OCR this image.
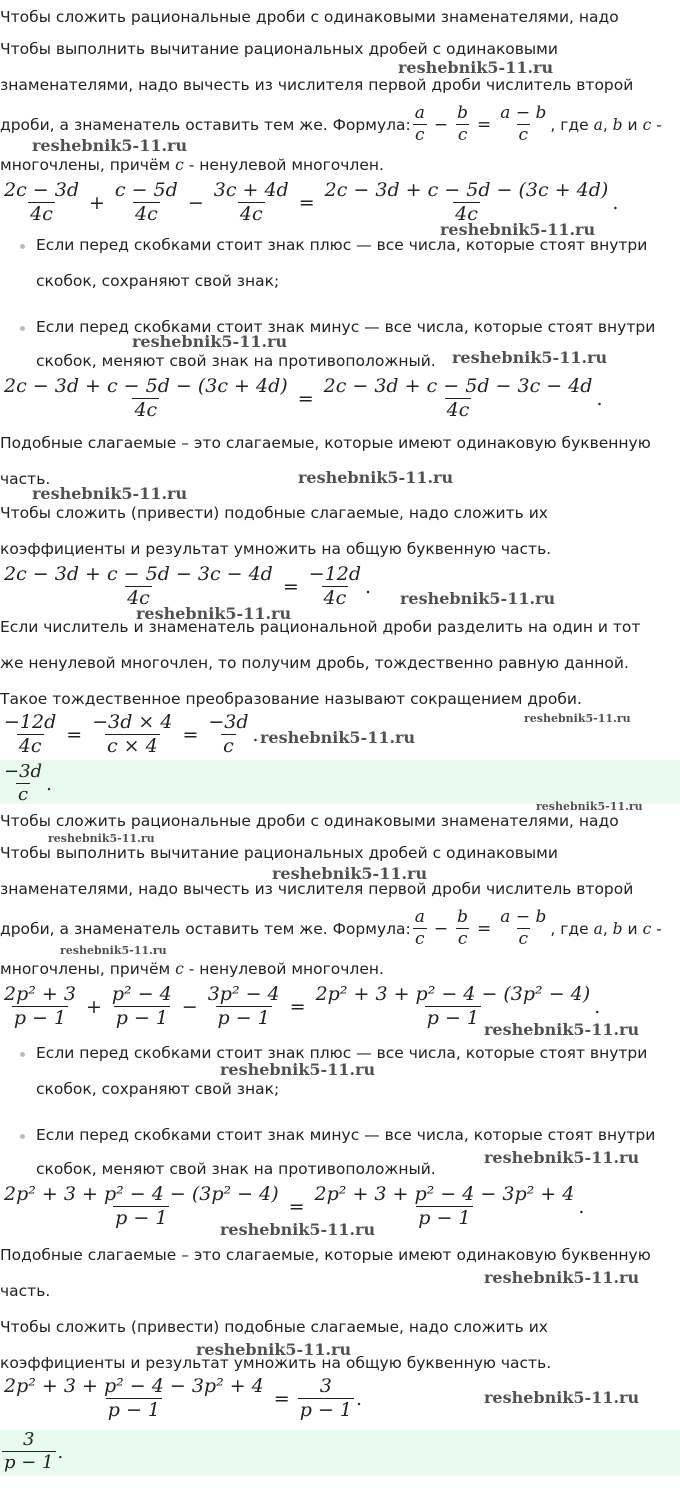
Чтобы сложить рациональные дроби с одинаковыми знаменателями, надо
Чтобы выполнить вычитание рациональных дробей с одинаковыми
знаменателями, надо вычесть из числителя первой дроби числитель второй
дроби, а знаменатель оставить тем же. Формула:
a
$c - \frac{b}{c} = \frac{a - b}{c}$ , где
a , b
и
c
-
многочлены, причём c - ненулевой многочлен.
2c − 3d
4c	+ $\frac{c - 5d}{4c} - \frac{3c + 4d}{4c} = \frac{2c - 3d + c - 5d - (3c + 4d)}{4c}$ .
Если перед скобками стоит знак плюс — все числа, которые стоят внутри
скобок, сохраняют свой знак;
Если перед скобками стоит знак минус — все числа, которые стоят внутри
скобок, меняют свой знак на противоположный.
$\frac{2c - 3d + c - 5d - (3c + 4d)}{4c} = \frac{2c - 3d + c - 5d - 3c - 4d}{4c}$ .
Подобные слагаемые – это слагаемые, которые имеют одинаковую буквенную
часть.
Чтобы сложить (привести) подобные слагаемые, надо сложить их
коэффициенты и результат умножить на общую буквенную часть.
$\frac{2c - 3d + c - 5d - 3c - 4d}{4c} = \frac{-12d}{4c}$ .
Если числитель и знаменатель рациональной дроби разделить на один и тот
же ненулевой многочлен, то получим дробь, тождественно равную данной.
Такое тождественное преобразование называют сокращением дроби.
$\frac{-12d}{4c} = \frac{-3d \times 4}{c \times 4} = \frac{-3d}{c}$ .
−3d
c .
Чтобы сложить рациональные дроби с одинаковыми знаменателями, надо
Чтобы выполнить вычитание рациональных дробей с одинаковыми
знаменателями, надо вычесть из числителя первой дроби числитель второй
дроби, а знаменатель оставить тем же. Формула:
a
$c - \frac{b}{c} = \frac{a - b}{c}$ , где
a , b
и
c
-
многочлены, причём c - ненулевой многочлен.
2p² + 3
p − 1	+ $\frac{\text{p² − 4}}{p - 1} - \frac{\text{3p² − 4}}{p - 1} = \frac{\text{2p² + 3 + p² − 4 − (3p² − 4)}}{p - 1}$ .
Если перед скобками стоит знак плюс — все числа, которые стоят внутри
скобок, сохраняют свой знак;
Если перед скобками стоит знак минус — все числа, которые стоят внутри
скобок, меняют свой знак на противоположный.
$\frac{\text{2p² + 3 + p² − 4 − (3p² − 4)}}{p - 1} = \frac{\text{2p² + 3 + p² − 4 − 3p² + 4}}{p - 1}$ .
Подобные слагаемые – это слагаемые, которые имеют одинаковую буквенную
часть.
Чтобы сложить (привести) подобные слагаемые, надо сложить их
коэффициенты и результат умножить на общую буквенную часть.
$\frac{\text{2p² + 3 + p² − 4 − 3p² + 4}}{p - 1} = \frac{3}{p - 1}$ .
3
p − 1 .
reshebnik5-11.ru
reshebnik5-11.ru
reshebnik5-11.ru
reshebnik5-11.ru
reshebnik5-11.ru
reshebnik5-11.ru
reshebnik5-11.ru
reshebnik5-11.ru
reshebnik5-11.ru
reshebnik5-11.ru
reshebnik5-11.ru
reshebnik5-11.ru
reshebnik5-11.ru
reshebnik5-11.ru
reshebnik5-11.ru
reshebnik5-11.ru
reshebnik5-11.ru
reshebnik5-11.ru
reshebnik5-11.ru
reshebnik5-11.ru
reshebnik5-11.ru
reshebnik5-11.ru
